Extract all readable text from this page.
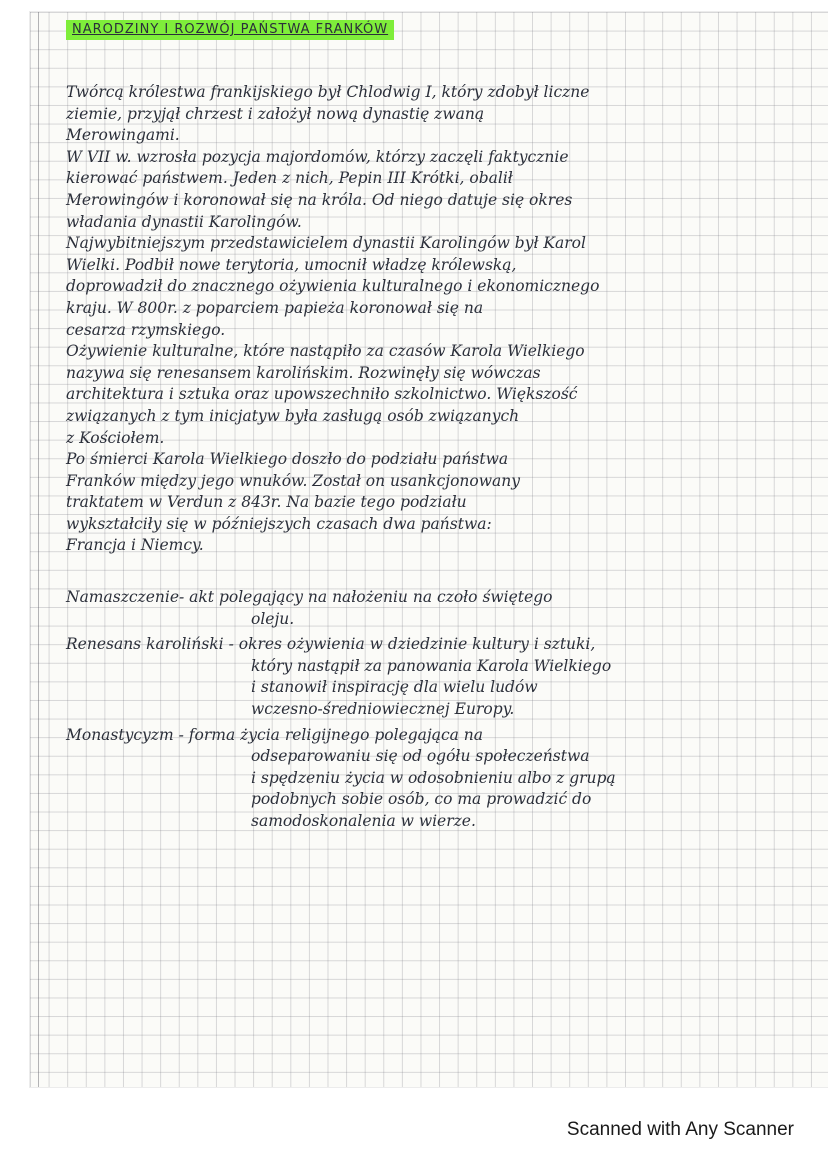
NARODZINY I ROZWÓJ PAŃSTWA FRANKÓW
Twórcą królestwa frankijskiego był Chlodwig I, który zdobył liczne
ziemie, przyjął chrzest i założył nową dynastię zwaną
Merowingami.
W VII w. wzrosła pozycja majordomów, którzy zaczęli faktycznie
kierować państwem. Jeden z nich, Pepin III Krótki, obalił
Merowingów i koronował się na króla. Od niego datuje się okres
władania dynastii Karolingów.
Najwybitniejszym przedstawicielem dynastii Karolingów był Karol
Wielki. Podbił nowe terytoria, umocnił władzę królewską,
doprowadził do znacznego ożywienia kulturalnego i ekonomicznego
kraju. W 800r. z poparciem papieża koronował się na
cesarza rzymskiego.
Ożywienie kulturalne, które nastąpiło za czasów Karola Wielkiego
nazywa się renesansem karolińskim. Rozwinęły się wówczas
architektura i sztuka oraz upowszechniło szkolnictwo. Większość
związanych z tym inicjatyw była zasługą osób związanych
z Kościołem.
Po śmierci Karola Wielkiego doszło do podziału państwa
Franków między jego wnuków. Został on usankcjonowany
traktatem w Verdun z 843r. Na bazie tego podziału
wykształciły się w późniejszych czasach dwa państwa:
Francja i Niemcy.
Namaszczenie- akt polegający na nałożeniu na czoło świętego
oleju.
Renesans karoliński - okres ożywienia w dziedzinie kultury i sztuki,
który nastąpił za panowania Karola Wielkiego
i stanowił inspirację dla wielu ludów
wczesno-średniowiecznej Europy.
Monastycyzm - forma życia religijnego polegająca na
odseparowaniu się od ogółu społeczeństwa
i spędzeniu życia w odosobnieniu albo z grupą
podobnych sobie osób, co ma prowadzić do
samodoskonalenia w wierze.
Scanned with Any Scanner
